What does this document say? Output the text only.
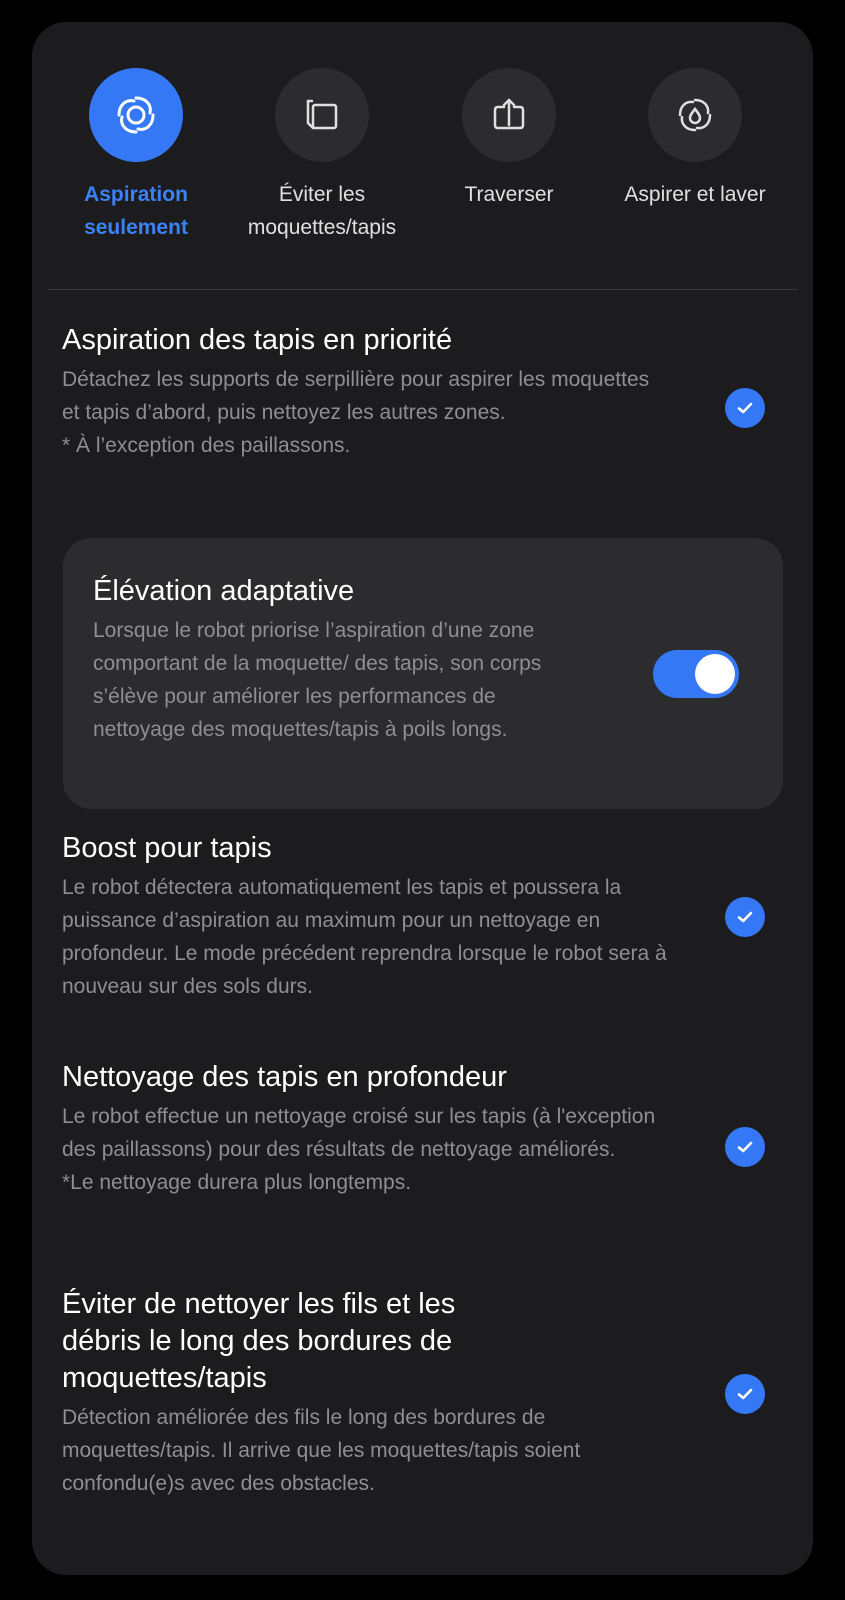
Aspiration seulement
Éviter les moquettes/tapis
Traverser	Aspirer et laver
Aspiration des tapis en priorité
Détachez les supports de serpillière pour aspirer les moquettes et tapis d’abord, puis nettoyez les autres zones.
* À l’exception des paillassons.
Élévation adaptative
Lorsque le robot priorise l’aspiration d’une zone comportant de la moquette/ des tapis, son corps s’élève pour améliorer les performances de nettoyage des moquettes/tapis à poils longs.
Boost pour tapis
Le robot détectera automatiquement les tapis et poussera la puissance d’aspiration au maximum pour un nettoyage en profondeur. Le mode précédent reprendra lorsque le robot sera à nouveau sur des sols durs.
Nettoyage des tapis en profondeur
Le robot effectue un nettoyage croisé sur les tapis (à l'exception des paillassons) pour des résultats de nettoyage améliorés.
*Le nettoyage durera plus longtemps.
Éviter de nettoyer les fils et les débris le long des bordures de moquettes/tapis
Détection améliorée des fils le long des bordures de moquettes/tapis. Il arrive que les moquettes/tapis soient confondu(e)s avec des obstacles.
